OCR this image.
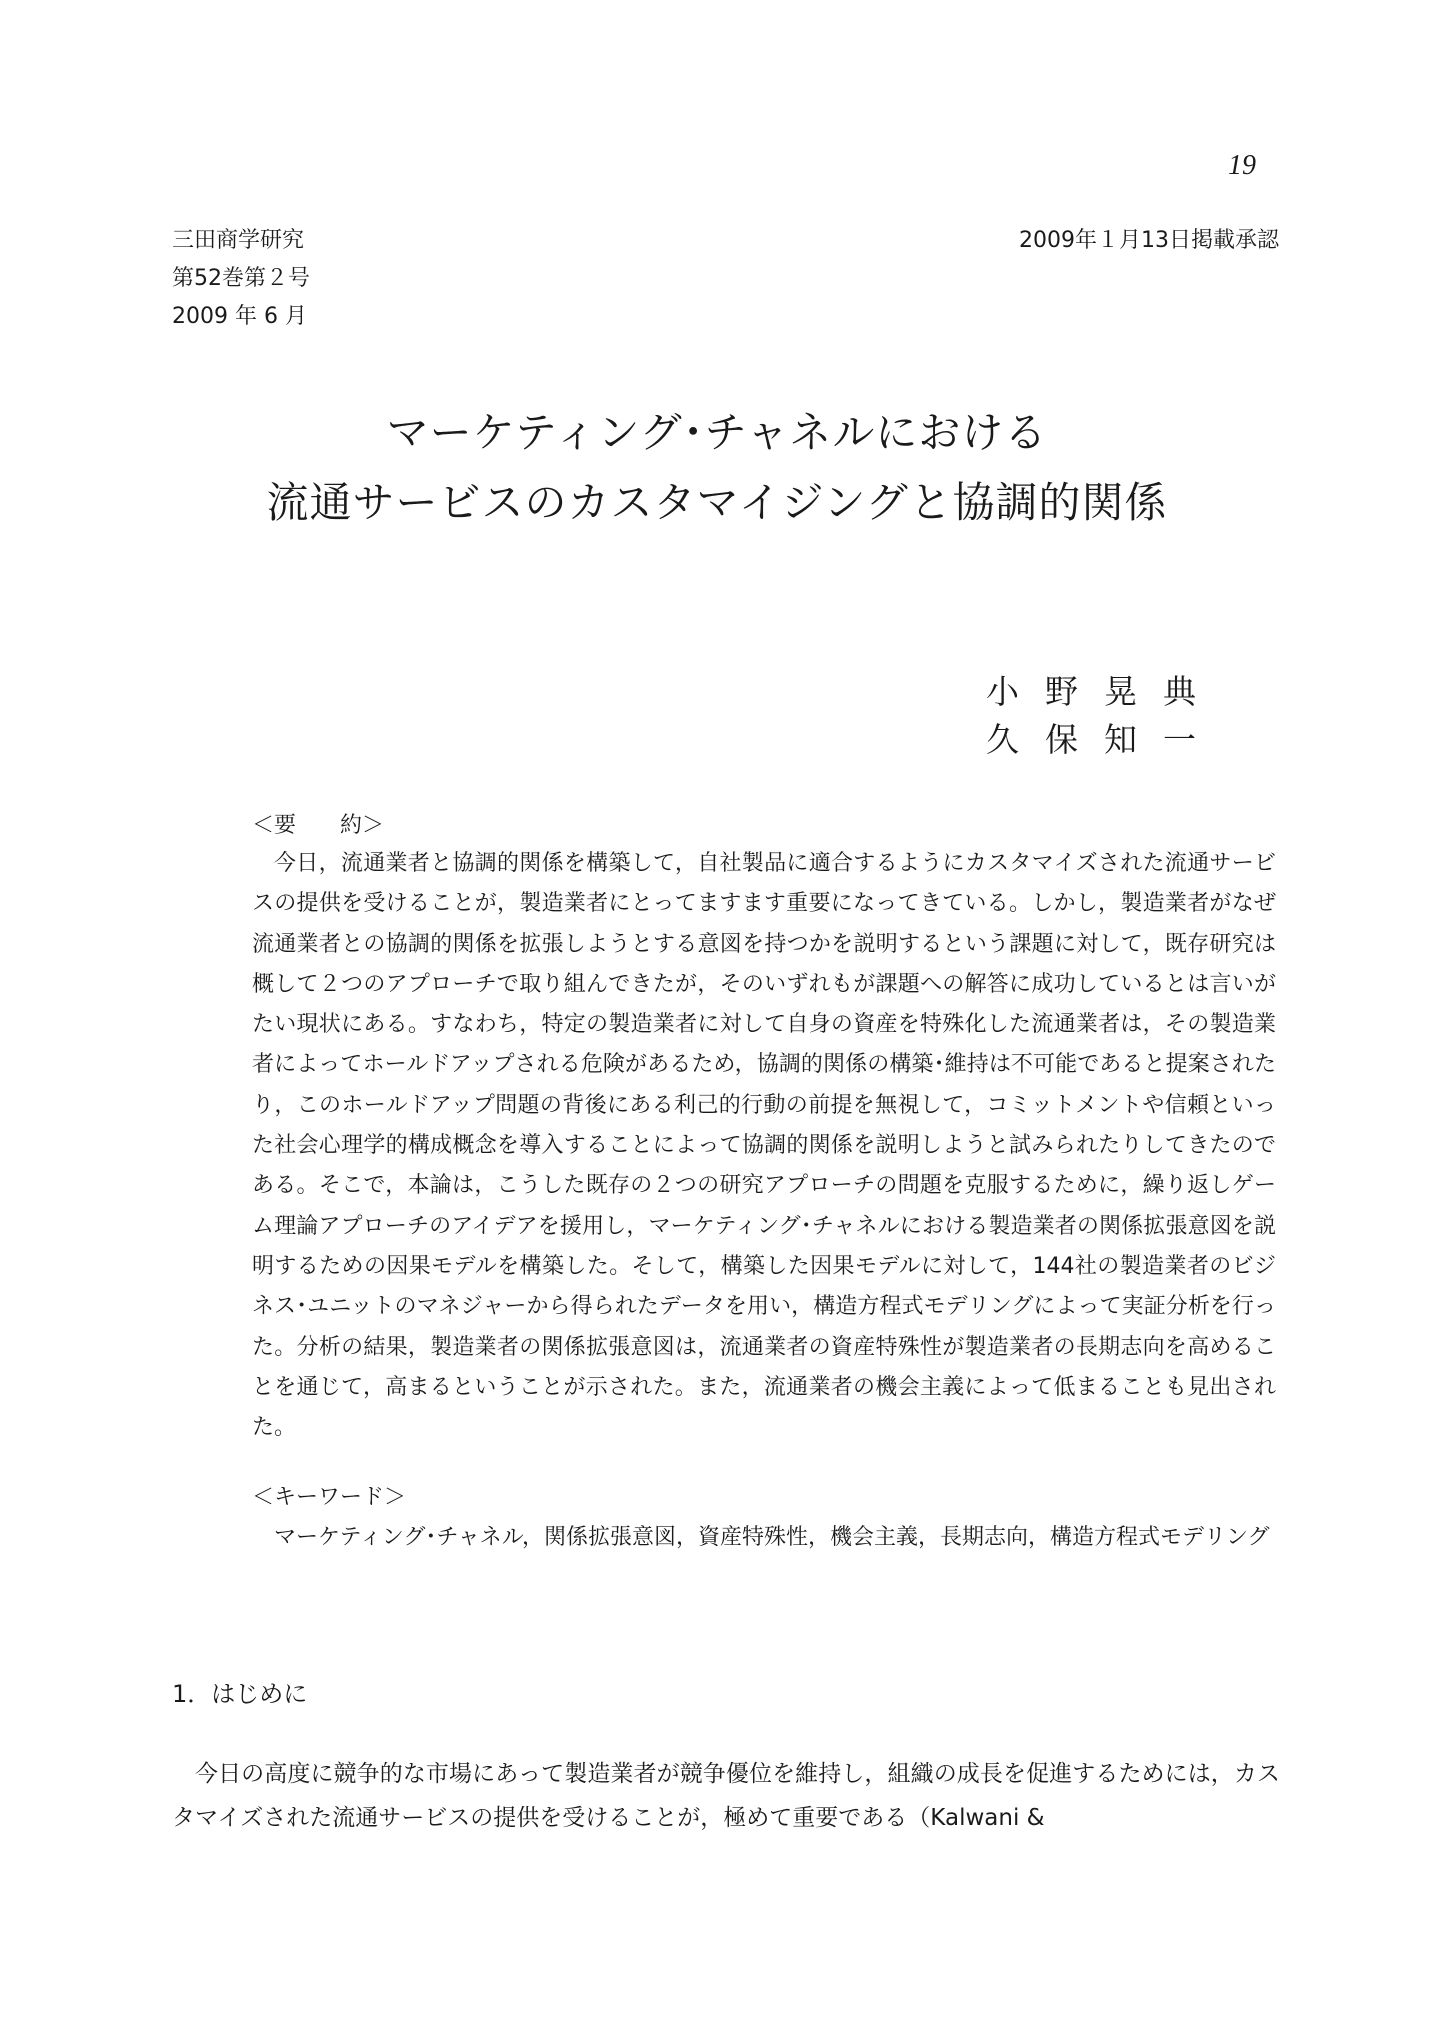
19
三田商学研究
第52巻第２号
2009 年 6 月
2009年１月13日掲載承認
マーケティング･チャネルにおける
流通サービスのカスタマイジングと協調的関係
小野晃典
久保知一
＜要　　約＞
今日，流通業者と協調的関係を構築して，自社製品に適合するようにカスタマイズされた流通サービスの提供を受けることが，製造業者にとってますます重要になってきている。しかし，製造業者がなぜ流通業者との協調的関係を拡張しようとする意図を持つかを説明するという課題に対して，既存研究は概して２つのアプローチで取り組んできたが，そのいずれもが課題への解答に成功しているとは言いがたい現状にある。すなわち，特定の製造業者に対して自身の資産を特殊化した流通業者は，その製造業者によってホールドアップされる危険があるため，協調的関係の構築･維持は不可能であると提案されたり，このホールドアップ問題の背後にある利己的行動の前提を無視して，コミットメントや信頼といった社会心理学的構成概念を導入することによって協調的関係を説明しようと試みられたりしてきたのである。そこで，本論は，こうした既存の２つの研究アプローチの問題を克服するために，繰り返しゲーム理論アプローチのアイデアを援用し，マーケティング･チャネルにおける製造業者の関係拡張意図を説明するための因果モデルを構築した。そして，構築した因果モデルに対して，144社の製造業者のビジネス･ユニットのマネジャーから得られたデータを用い，構造方程式モデリングによって実証分析を行った。分析の結果，製造業者の関係拡張意図は，流通業者の資産特殊性が製造業者の長期志向を高めることを通じて，高まるということが示された。また，流通業者の機会主義によって低まることも見出された。
＜キーワード＞
マーケティング･チャネル，関係拡張意図，資産特殊性，機会主義，長期志向，構造方程式モデリング
1．はじめに
今日の高度に競争的な市場にあって製造業者が競争優位を維持し，組織の成長を促進するためには，カスタマイズされた流通サービスの提供を受けることが，極めて重要である（Kalwani &
